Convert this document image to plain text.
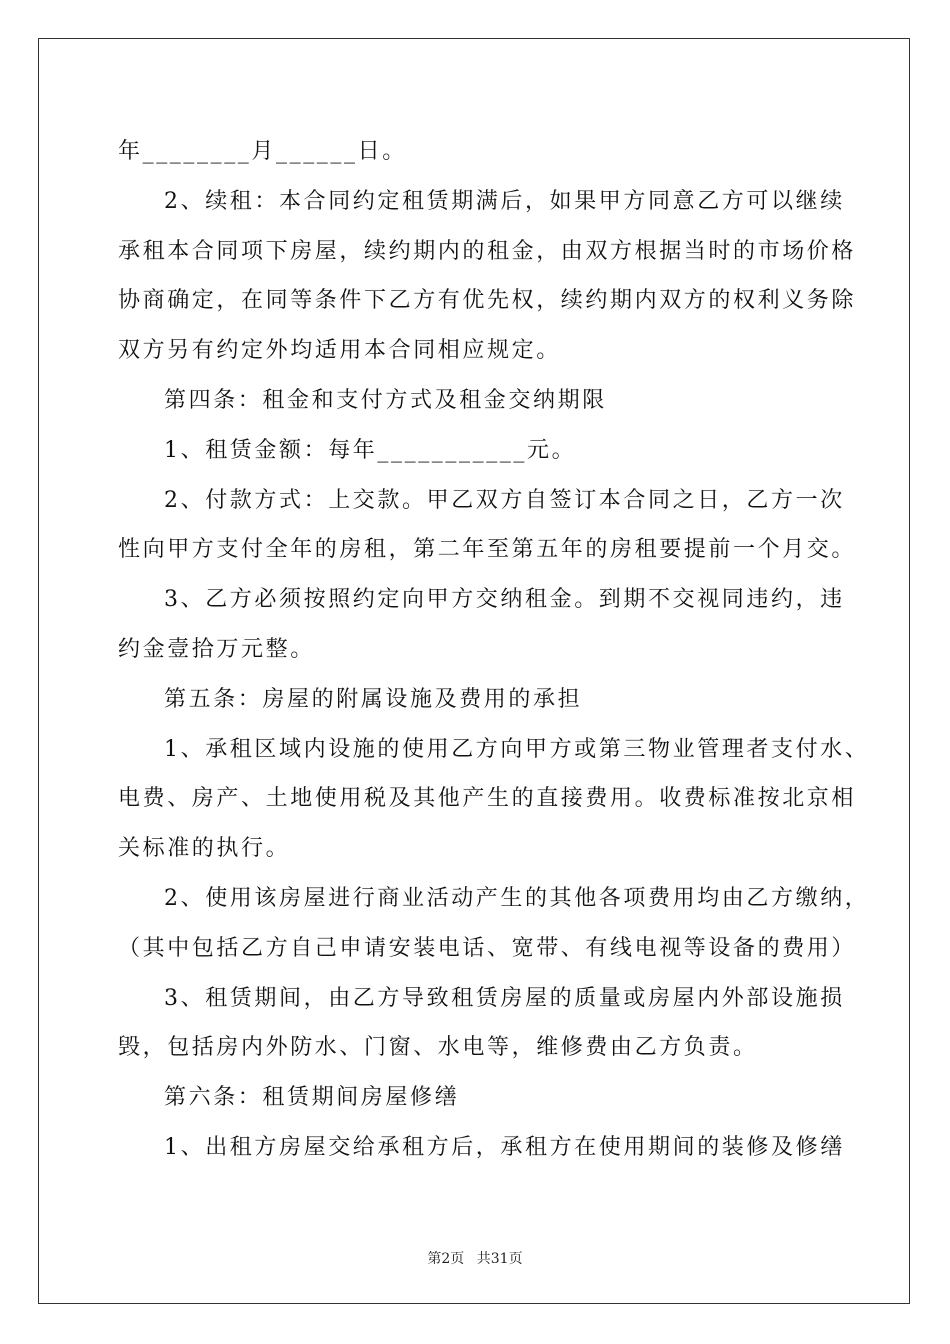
年________月______日。
2、续租：本合同约定租赁期满后，如果甲方同意乙方可以继续
承租本合同项下房屋，续约期内的租金，由双方根据当时的市场价格
协商确定，在同等条件下乙方有优先权，续约期内双方的权利义务除
双方另有约定外均适用本合同相应规定。
第四条：租金和支付方式及租金交纳期限
1、租赁金额：每年___________元。
2、付款方式：上交款。甲乙双方自签订本合同之日，乙方一次
性向甲方支付全年的房租，第二年至第五年的房租要提前一个月交。
3、乙方必须按照约定向甲方交纳租金。到期不交视同违约，违
约金壹拾万元整。
第五条：房屋的附属设施及费用的承担
1、承租区域内设施的使用乙方向甲方或第三物业管理者支付水、
电费、房产、土地使用税及其他产生的直接费用。收费标准按北京相
关标准的执行。
2、使用该房屋进行商业活动产生的其他各项费用均由乙方缴纳，
（其中包括乙方自己申请安装电话、宽带、有线电视等设备的费用）
3、租赁期间，由乙方导致租赁房屋的质量或房屋内外部设施损
毁，包括房内外防水、门窗、水电等，维修费由乙方负责。
第六条：租赁期间房屋修缮
1、出租方房屋交给承租方后，承租方在使用期间的装修及修缮
第2页 共31页
